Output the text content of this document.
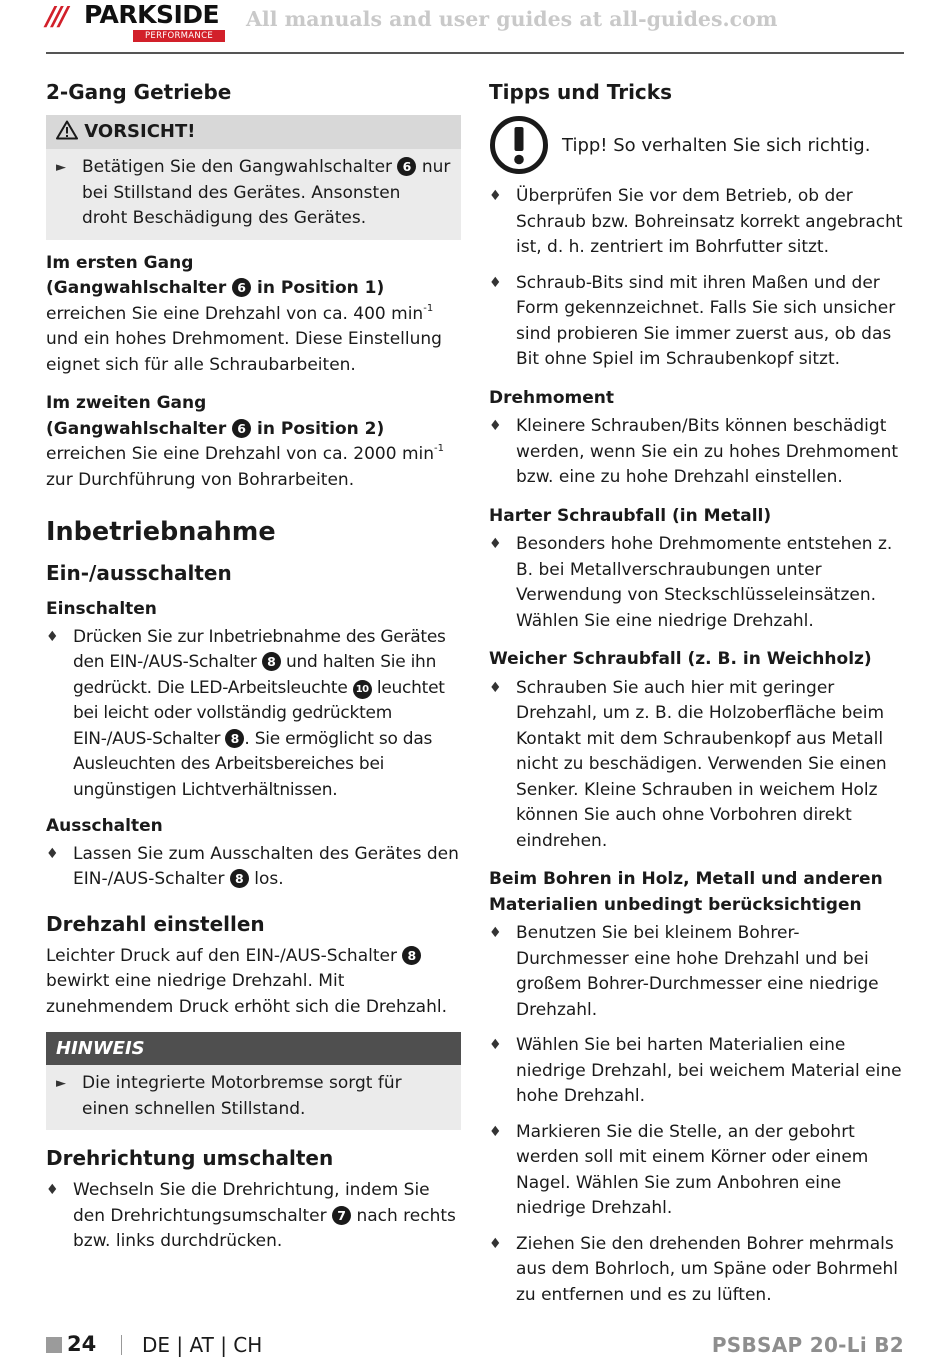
/// PARKSIDE
PERFORMANCE
All manuals and user guides at all-guides.com
2-Gang Getriebe
VORSICHT!
► Betätigen Sie den Gangwahlschalter 6 nur bei Stillstand des Gerätes. Ansonsten droht Beschädigung des Gerätes.
Im ersten Gang
(Gangwahlschalter 6 in Position 1)
erreichen Sie eine Drehzahl von ca. 400 $\min^{-1}$ und ein hohes Drehmoment. Diese Einstellung eignet sich für alle Schraubarbeiten.
Im zweiten Gang
(Gangwahlschalter 6 in Position 2)
erreichen Sie eine Drehzahl von ca. 2000 $\min^{-1}$ zur Durchführung von Bohrarbeiten.
Inbetriebnahme
Ein-/ausschalten
Einschalten
♦ Drücken Sie zur Inbetriebnahme des Gerätes den EIN-/AUS-Schalter 8 und halten Sie ihn gedrückt. Die LED-Arbeitsleuchte 10 leuchtet bei leicht oder vollständig gedrücktem EIN-/AUS-Schalter 8 . Sie ermöglicht so das Ausleuchten des Arbeitsbereiches bei ungünstigen Lichtverhältnissen.
Ausschalten
♦ Lassen Sie zum Ausschalten des Gerätes den EIN-/AUS-Schalter 8 los.
Drehzahl einstellen
Leichter Druck auf den EIN-/AUS-Schalter 8 bewirkt eine niedrige Drehzahl. Mit zunehmendem Druck erhöht sich die Drehzahl.
HINWEIS
► Die integrierte Motorbremse sorgt für einen schnellen Stillstand.
Drehrichtung umschalten
♦ Wechseln Sie die Drehrichtung, indem Sie den Drehrichtungsumschalter 7 nach rechts bzw. links durchdrücken.
Tipps und Tricks
Tipp! So verhalten Sie sich richtig.
♦ Überprüfen Sie vor dem Betrieb, ob der Schraub bzw. Bohreinsatz korrekt angebracht ist, d. h. zentriert im Bohrfutter sitzt.
♦ Schraub-Bits sind mit ihren Maßen und der Form gekennzeichnet. Falls Sie sich unsicher sind probieren Sie immer zuerst aus, ob das Bit ohne Spiel im Schraubenkopf sitzt.
Drehmoment
♦ Kleinere Schrauben/Bits können beschädigt werden, wenn Sie ein zu hohes Drehmoment bzw. eine zu hohe Drehzahl einstellen.
Harter Schraubfall (in Metall)
♦ Besonders hohe Drehmomente entstehen z. B. bei Metallverschraubungen unter Verwendung von Steckschlüsseleinsätzen. Wählen Sie eine niedrige Drehzahl.
Weicher Schraubfall (z. B. in Weichholz)
♦ Schrauben Sie auch hier mit geringer Drehzahl, um z. B. die Holzoberfläche beim Kontakt mit dem Schraubenkopf aus Metall nicht zu beschädigen. Verwenden Sie einen Senker. Kleine Schrauben in weichem Holz können Sie auch ohne Vorbohren direkt eindrehen.
Beim Bohren in Holz, Metall und anderen
Materialien unbedingt berücksichtigen
♦ Benutzen Sie bei kleinem Bohrer-Durchmesser eine hohe Drehzahl und bei großem Bohrer-Durchmesser eine niedrige Drehzahl.
♦ Wählen Sie bei harten Materialien eine niedrige Drehzahl, bei weichem Material eine hohe Drehzahl.
♦ Markieren Sie die Stelle, an der gebohrt werden soll mit einem Körner oder einem Nagel. Wählen Sie zum Anbohren eine niedrige Drehzahl.
♦ Ziehen Sie den drehenden Bohrer mehrmals aus dem Bohrloch, um Späne oder Bohrmehl zu entfernen und es zu lüften.
24 DE | AT | CH	PSBSAP 20-Li B2
